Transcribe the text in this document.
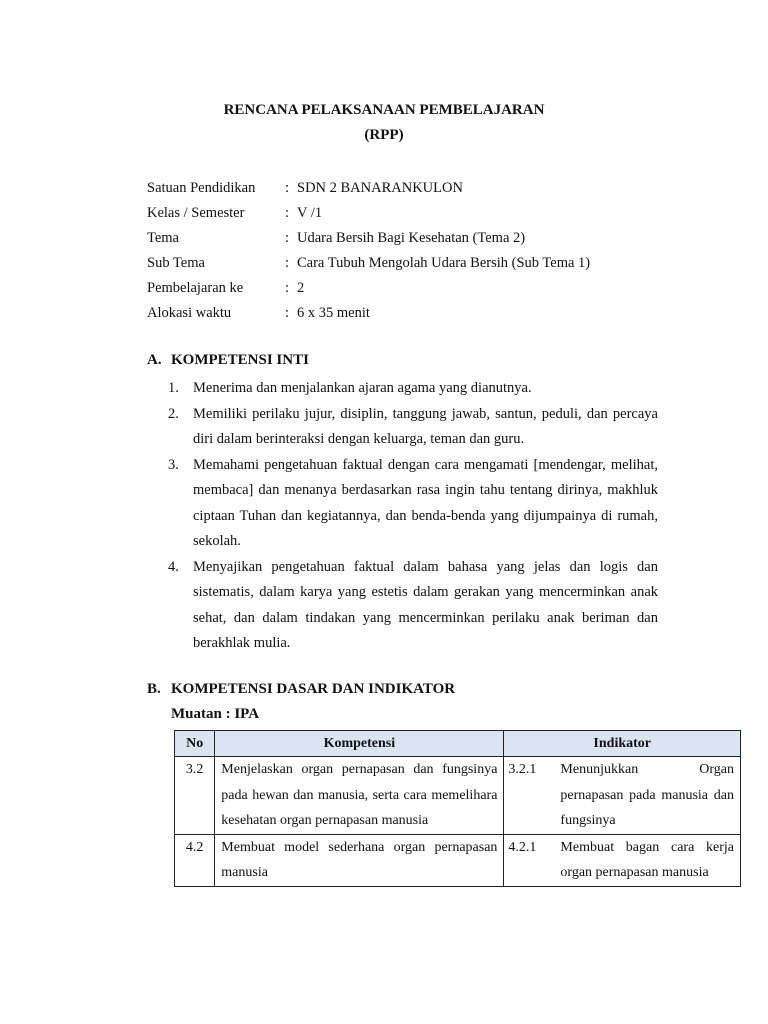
RENCANA PELAKSANAAN PEMBELAJARAN
(RPP)
Satuan Pendidikan : SDN 2 BANARANKULON
Kelas / Semester	: V /1
Tema	: Udara Bersih Bagi Kesehatan (Tema 2)
Sub Tema	: Cara Tubuh Mengolah Udara Bersih (Sub Tema 1)
Pembelajaran ke	: 2
Alokasi waktu	: 6 x 35 menit
A. KOMPETENSI INTI
1. Menerima dan menjalankan ajaran agama yang dianutnya.
2. Memiliki perilaku jujur, disiplin, tanggung jawab, santun, peduli, dan percaya diri dalam berinteraksi dengan keluarga, teman dan guru.
3. Memahami pengetahuan faktual dengan cara mengamati [mendengar, melihat, membaca] dan menanya berdasarkan rasa ingin tahu tentang dirinya, makhluk ciptaan Tuhan dan kegiatannya, dan benda-benda yang dijumpainya di rumah, sekolah.
4. Menyajikan pengetahuan faktual dalam bahasa yang jelas dan logis dan sistematis, dalam karya yang estetis dalam gerakan yang mencerminkan anak sehat, dan dalam tindakan yang mencerminkan perilaku anak beriman dan berakhlak mulia.
B. KOMPETENSI DASAR DAN INDIKATOR
Muatan : IPA
No	Kompetensi	Indikator
3.2	Menjelaskan organ pernapasan dan fungsinya pada hewan dan manusia, serta cara memelihara kesehatan organ pernapasan manusia	3.2.1 Menunjukkan Organ pernapasan pada manusia dan fungsinya

4.2	Membuat model sederhana organ pernapasan manusia	4.2.1 Membuat bagan cara kerja organ pernapasan manusia
